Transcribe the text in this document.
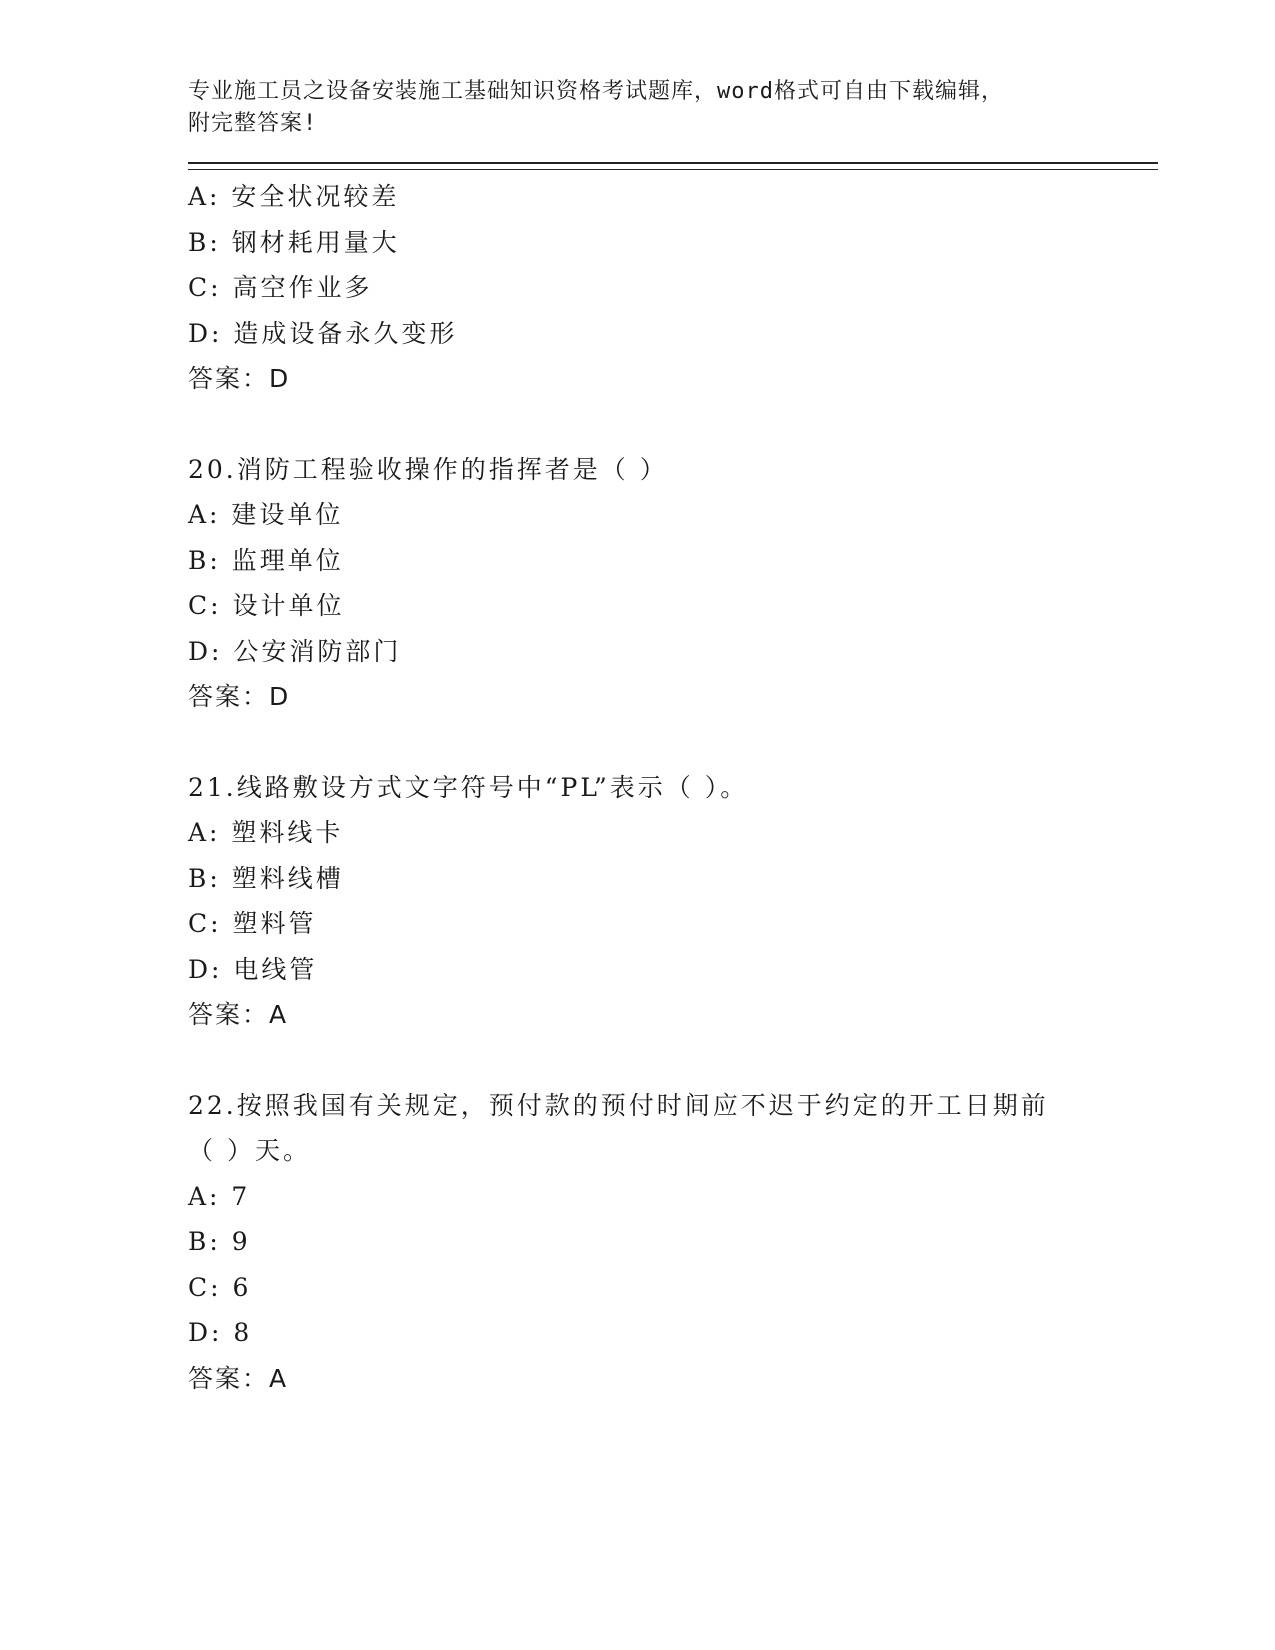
专业施工员之设备安装施工基础知识资格考试题库，word格式可自由下载编辑，
附完整答案!
A: 安全状况较差
B: 钢材耗用量大
C: 高空作业多
D: 造成设备永久变形
答案：D
20.消防工程验收操作的指挥者是（ ）
A: 建设单位
B: 监理单位
C: 设计单位
D: 公安消防部门
答案：D
21.线路敷设方式文字符号中“PL”表示（ ）。
A: 塑料线卡
B: 塑料线槽
C: 塑料管
D: 电线管
答案：A
22.按照我国有关规定，预付款的预付时间应不迟于约定的开工日期前
（ ）天。
A: 7
B: 9
C: 6
D: 8
答案：A
